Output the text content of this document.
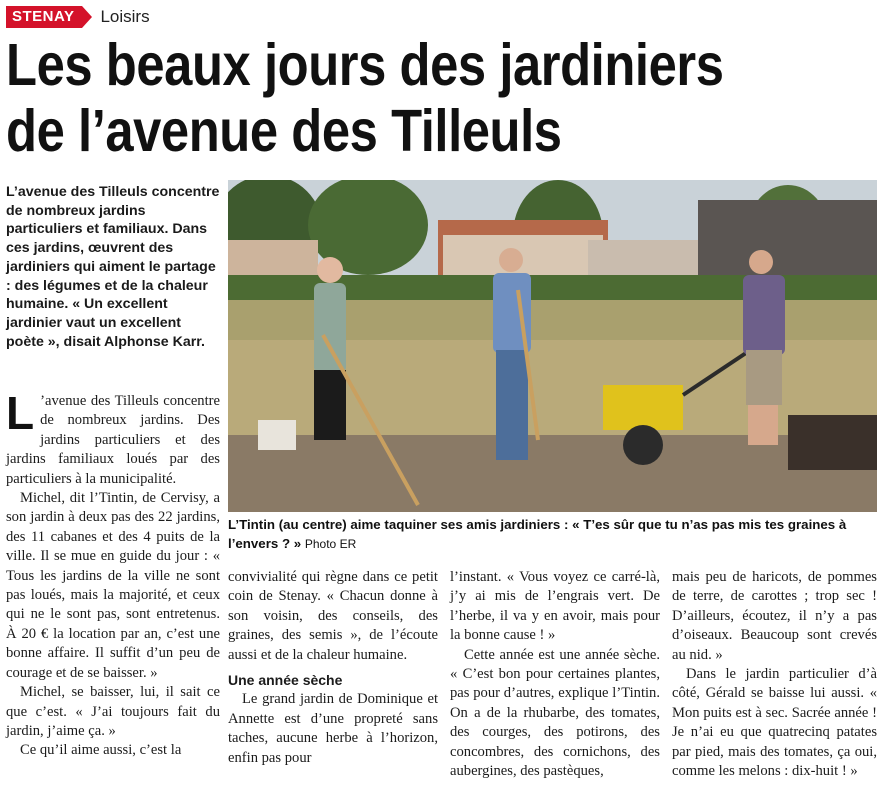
STENAY	Loisirs
Les beaux jours des jardiniers
de l’avenue des Tilleuls
L’avenue des Tilleuls concentre de nombreux jardins particuliers et familiaux. Dans ces jardins, œuvrent des jardiniers qui aiment le partage : des légumes et de la chaleur humaine. « Un excellent jardinier vaut un excellent poète », disait Alphonse Karr.
L’Tintin (au centre) aime taquiner ses amis jardiniers : « T’es sûr que tu n’as pas mis tes graines à l’envers ? » Photo ER

L ’avenue des Tilleuls concentre de nombreux jardins. Des jardins particuliers et des jardins familiaux loués par des particuliers à la municipalité.

Michel, dit l’Tintin, de Cervisy, a son jardin à deux pas des 22 jardins, des 11 cabanes et des 4 puits de la ville. Il se mue en guide du jour : « Tous les jardins de la ville ne sont pas loués, mais la majorité, et ceux qui ne le sont pas, sont entretenus. À 20 € la location par an, c’est une bonne affaire. Il suffit d’un peu de courage et de se baisser. »

Michel, se baisser, lui, il sait ce que c’est. « J’ai toujours fait du jardin, j’aime ça. »

Ce qu’il aime aussi, c’est la

convivialité qui règne dans ce petit coin de Stenay. « Chacun donne à son voisin, des conseils, des graines, des semis », de l’écoute aussi et de la chaleur humaine.

Une année sèche

Le grand jardin de Dominique et Annette est d’une propreté sans taches, aucune herbe à l’horizon, enfin pas pour

l’instant. « Vous voyez ce carré-là, j’y ai mis de l’engrais vert. De l’herbe, il va y en avoir, mais pour la bonne cause ! »

Cette année est une année sèche. « C’est bon pour certaines plantes, pas pour d’autres, explique l’Tintin. On a de la rhubarbe, des tomates, des courges, des potirons, des concombres, des cornichons, des aubergines, des pastèques,

mais peu de haricots, de pommes de terre, de carottes ; trop sec ! D’ailleurs, écoutez, il n’y a pas d’oiseaux. Beaucoup sont crevés au nid. »

Dans le jardin particulier d’à côté, Gérald se baisse lui aussi. « Mon puits est à sec. Sacrée année ! Je n’ai eu que quatrecinq patates par pied, mais des tomates, ça oui, comme les melons : dix-huit ! »
